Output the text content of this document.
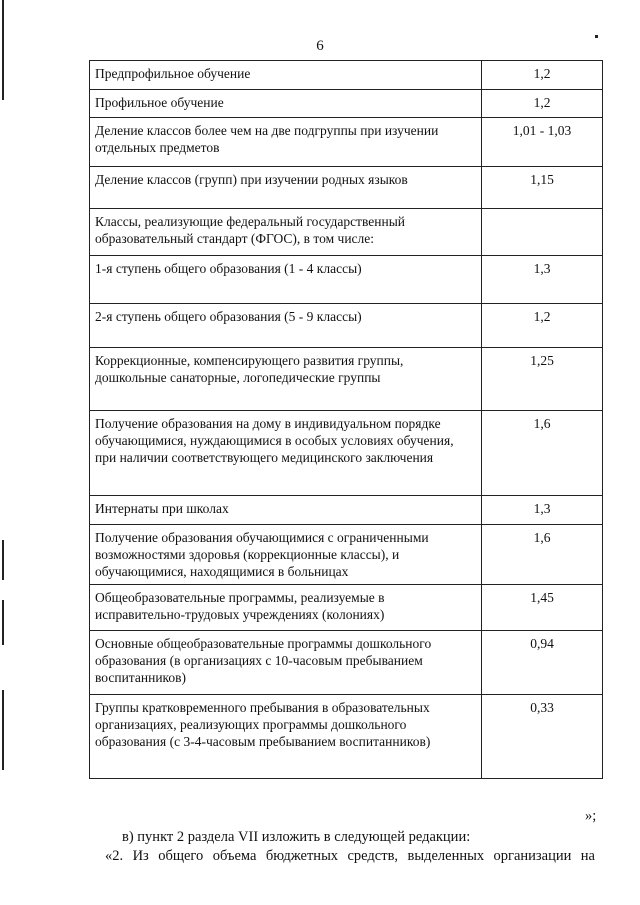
6
Предпрофильное обучение	1,2
Профильное обучение	1,2
Деление классов более чем на две подгруппы при изучении отдельных предметов	1,01 - 1,03
Деление классов (групп) при изучении родных языков	1,15
Классы, реализующие федеральный государственный образовательный стандарт (ФГОС), в том числе:	
1-я ступень общего образования (1 - 4 классы)	1,3
2-я ступень общего образования (5 - 9 классы)	1,2
Коррекционные, компенсирующего развития группы, дошкольные санаторные, логопедические группы	1,25
Получение образования на дому в индивидуальном порядке обучающимися, нуждающимися в особых условиях обучения, при наличии соответствующего медицинского заключения	1,6
Интернаты при школах	1,3
Получение образования обучающимися с ограниченными возможностями здоровья (коррекционные классы), и обучающимися, находящимися в больницах	1,6
Общеобразовательные программы, реализуемые в исправительно-трудовых учреждениях (колониях)	1,45
Основные общеобразовательные программы дошкольного образования (в организациях с 10-часовым пребыванием воспитанников)	0,94
Группы кратковременного пребывания в образовательных организациях, реализующих программы дошкольного образования (с 3-4-часовым пребыванием воспитанников)	0,33
»;
в) пункт 2 раздела VII изложить в следующей редакции:
«2. Из общего объема бюджетных средств, выделенных организации на
